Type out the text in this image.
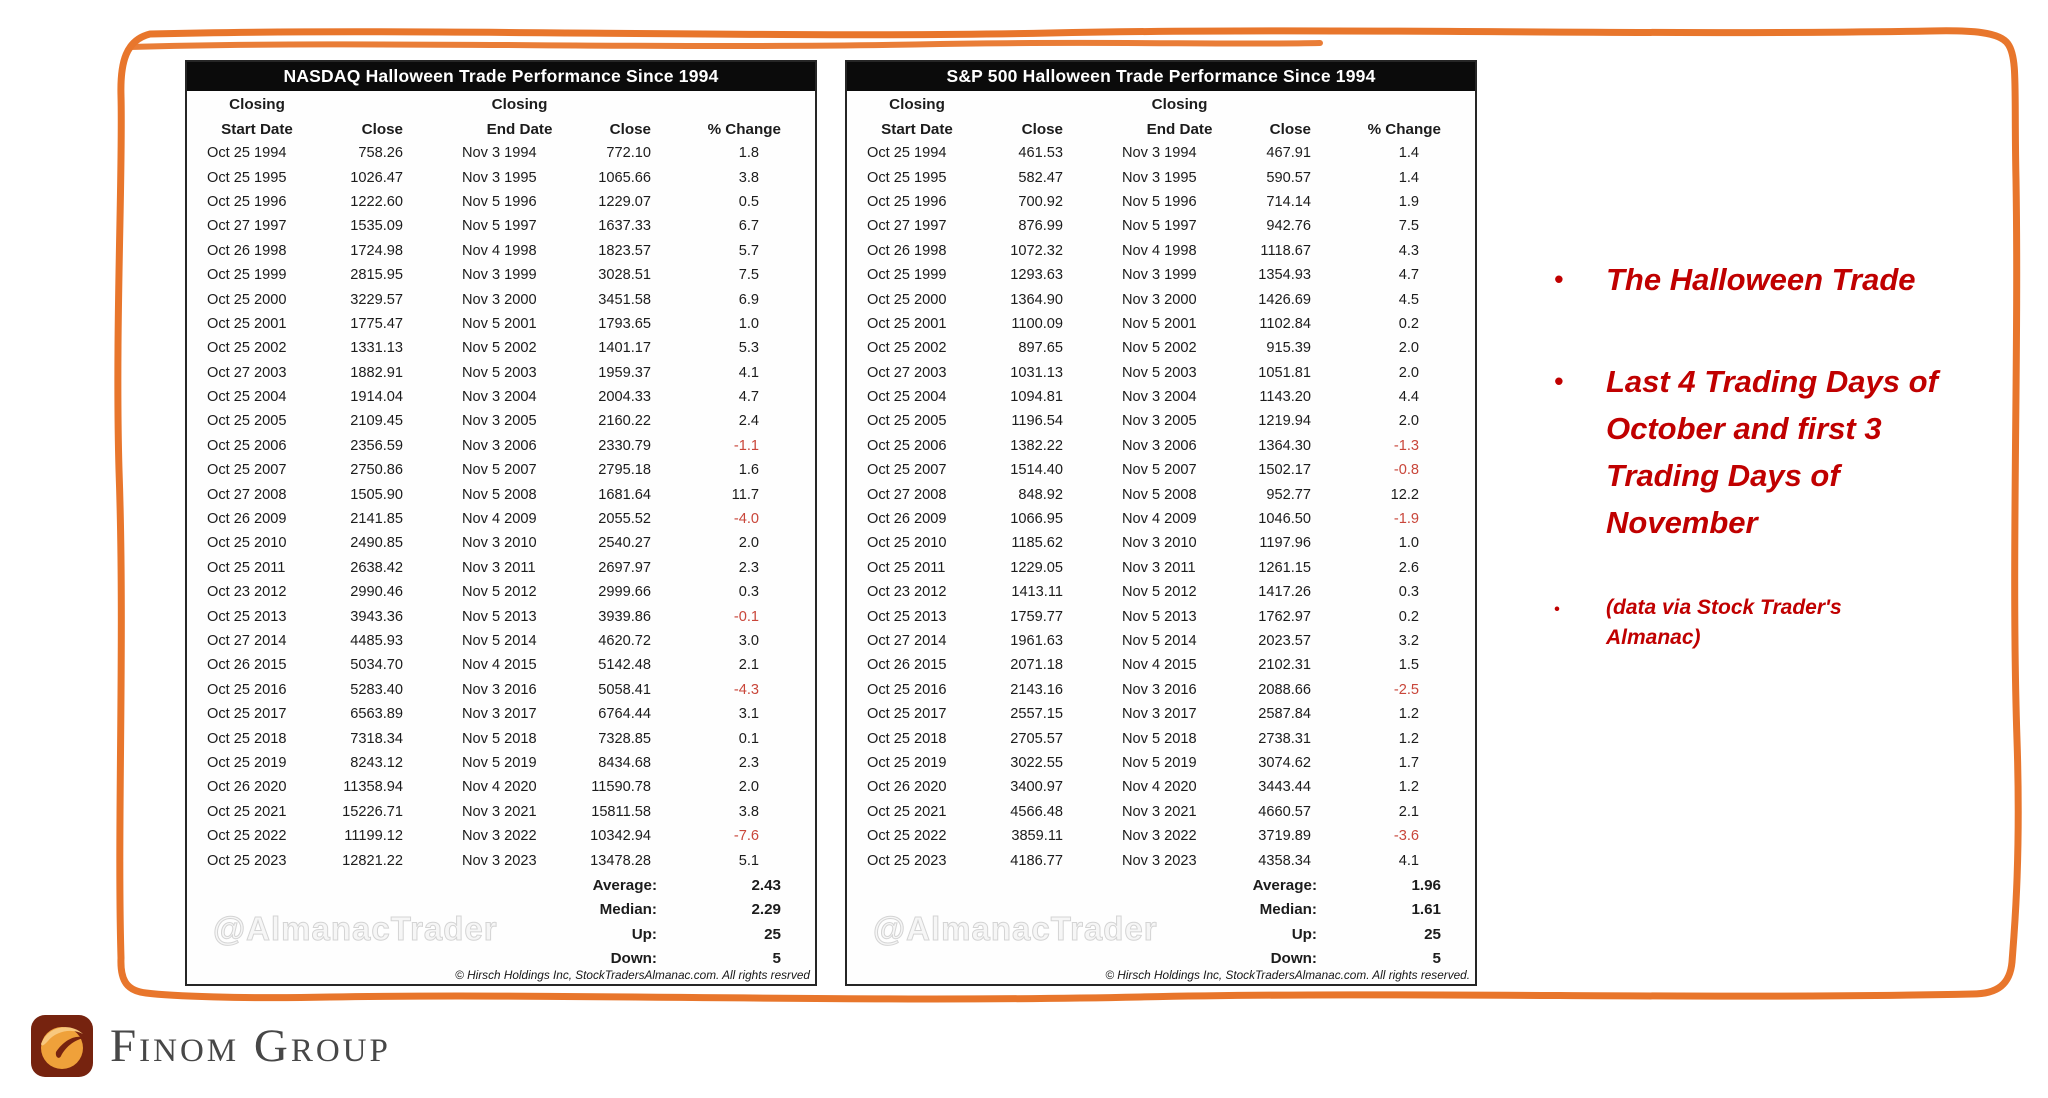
NASDAQ Halloween Trade Performance Since 1994
Closing	Closing
Start Date	Close	End Date	Close	% Change
Oct 25 1994	758.26	Nov 3 1994	772.10	1.8
Oct 25 1995	1026.47	Nov 3 1995	1065.66	3.8
Oct 25 1996	1222.60	Nov 5 1996	1229.07	0.5
Oct 27 1997	1535.09	Nov 5 1997	1637.33	6.7
Oct 26 1998	1724.98	Nov 4 1998	1823.57	5.7
Oct 25 1999	2815.95	Nov 3 1999	3028.51	7.5
Oct 25 2000	3229.57	Nov 3 2000	3451.58	6.9
Oct 25 2001	1775.47	Nov 5 2001	1793.65	1.0
Oct 25 2002	1331.13	Nov 5 2002	1401.17	5.3
Oct 27 2003	1882.91	Nov 5 2003	1959.37	4.1
Oct 25 2004	1914.04	Nov 3 2004	2004.33	4.7
Oct 25 2005	2109.45	Nov 3 2005	2160.22	2.4
Oct 25 2006	2356.59	Nov 3 2006	2330.79	-1.1
Oct 25 2007	2750.86	Nov 5 2007	2795.18	1.6
Oct 27 2008	1505.90	Nov 5 2008	1681.64	11.7
Oct 26 2009	2141.85	Nov 4 2009	2055.52	-4.0
Oct 25 2010	2490.85	Nov 3 2010	2540.27	2.0
Oct 25 2011	2638.42	Nov 3 2011	2697.97	2.3
Oct 23 2012	2990.46	Nov 5 2012	2999.66	0.3
Oct 25 2013	3943.36	Nov 5 2013	3939.86	-0.1
Oct 27 2014	4485.93	Nov 5 2014	4620.72	3.0
Oct 26 2015	5034.70	Nov 4 2015	5142.48	2.1
Oct 25 2016	5283.40	Nov 3 2016	5058.41	-4.3
Oct 25 2017	6563.89	Nov 3 2017	6764.44	3.1
Oct 25 2018	7318.34	Nov 5 2018	7328.85	0.1
Oct 25 2019	8243.12	Nov 5 2019	8434.68	2.3
Oct 26 2020	11358.94	Nov 4 2020	11590.78	2.0
Oct 25 2021	15226.71	Nov 3 2021	15811.58	3.8
Oct 25 2022	11199.12	Nov 3 2022	10342.94	-7.6
Oct 25 2023	12821.22	Nov 3 2023	13478.28	5.1
Average:	2.43
Median:	2.29
Up:	25
Down:	5
@AlmanacTrader
© Hirsch Holdings Inc, StockTradersAlmanac.com. All rights resrved
S&P 500 Halloween Trade Performance Since 1994
Closing	Closing
Start Date	Close	End Date	Close	% Change
Oct 25 1994	461.53	Nov 3 1994	467.91	1.4
Oct 25 1995	582.47	Nov 3 1995	590.57	1.4
Oct 25 1996	700.92	Nov 5 1996	714.14	1.9
Oct 27 1997	876.99	Nov 5 1997	942.76	7.5
Oct 26 1998	1072.32	Nov 4 1998	1118.67	4.3
Oct 25 1999	1293.63	Nov 3 1999	1354.93	4.7
Oct 25 2000	1364.90	Nov 3 2000	1426.69	4.5
Oct 25 2001	1100.09	Nov 5 2001	1102.84	0.2
Oct 25 2002	897.65	Nov 5 2002	915.39	2.0
Oct 27 2003	1031.13	Nov 5 2003	1051.81	2.0
Oct 25 2004	1094.81	Nov 3 2004	1143.20	4.4
Oct 25 2005	1196.54	Nov 3 2005	1219.94	2.0
Oct 25 2006	1382.22	Nov 3 2006	1364.30	-1.3
Oct 25 2007	1514.40	Nov 5 2007	1502.17	-0.8
Oct 27 2008	848.92	Nov 5 2008	952.77	12.2
Oct 26 2009	1066.95	Nov 4 2009	1046.50	-1.9
Oct 25 2010	1185.62	Nov 3 2010	1197.96	1.0
Oct 25 2011	1229.05	Nov 3 2011	1261.15	2.6
Oct 23 2012	1413.11	Nov 5 2012	1417.26	0.3
Oct 25 2013	1759.77	Nov 5 2013	1762.97	0.2
Oct 27 2014	1961.63	Nov 5 2014	2023.57	3.2
Oct 26 2015	2071.18	Nov 4 2015	2102.31	1.5
Oct 25 2016	2143.16	Nov 3 2016	2088.66	-2.5
Oct 25 2017	2557.15	Nov 3 2017	2587.84	1.2
Oct 25 2018	2705.57	Nov 5 2018	2738.31	1.2
Oct 25 2019	3022.55	Nov 5 2019	3074.62	1.7
Oct 26 2020	3400.97	Nov 4 2020	3443.44	1.2
Oct 25 2021	4566.48	Nov 3 2021	4660.57	2.1
Oct 25 2022	3859.11	Nov 3 2022	3719.89	-3.6
Oct 25 2023	4186.77	Nov 3 2023	4358.34	4.1
Average:	1.96
Median:	1.61
Up:	25
Down:	5
@AlmanacTrader
© Hirsch Holdings Inc, StockTradersAlmanac.com. All rights reserved.
•	The Halloween Trade
•	Last 4 Trading Days of October and first 3 Trading Days of November
•	(data via Stock Trader's Almanac)
Finom Group
